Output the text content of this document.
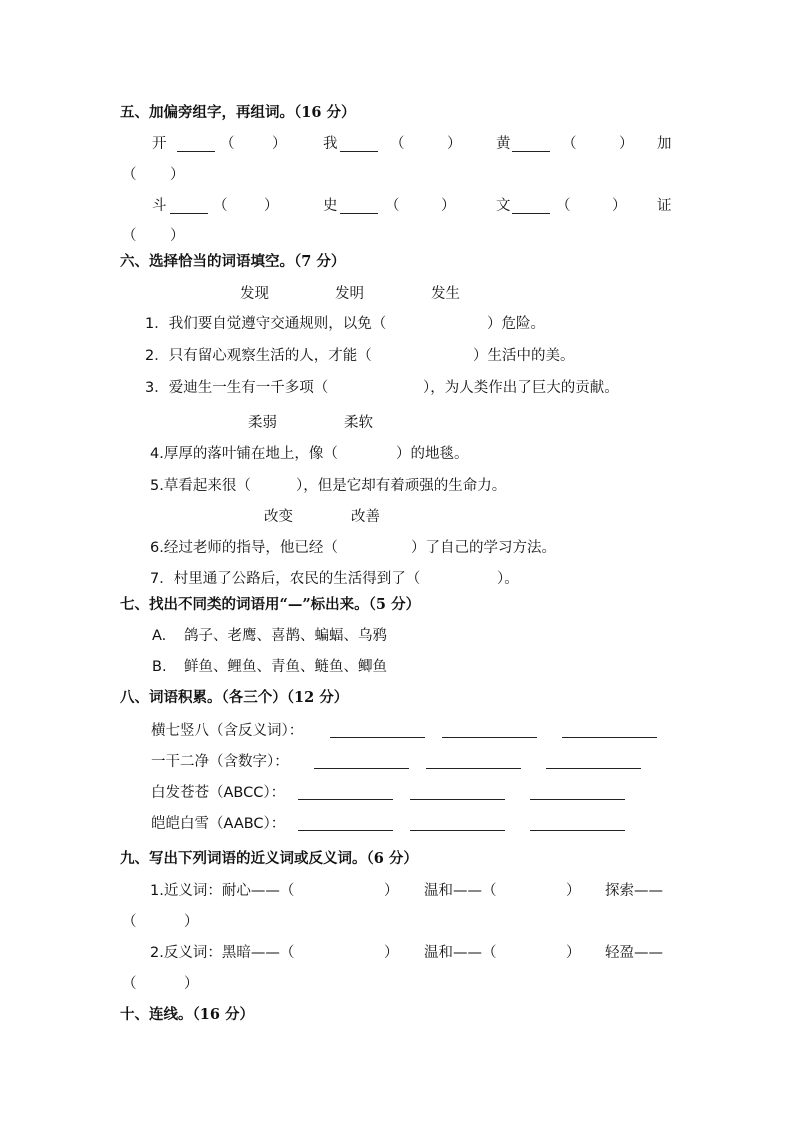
五、加偏旁组字，再组词。（16 分）
开	（	）	我	（	） 黄	（	） 加
（ ）
斗	（	）	史	（	）	文	（	） 证
（ ）
六、选择恰当的词语填空。（7 分）
发现	发明	发生
1．我们要自觉遵守交通规则，以免（	）危险。
2．只有留心观察生活的人，才能（	）生活中的美。
3．爱迪生一生有一千多项（	），为人类作出了巨大的贡献。
柔弱	柔软
4.厚厚的落叶铺在地上，像（	）的地毯。
5.草看起来很（	），但是它却有着顽强的生命力。
改变	改善
6.经过老师的指导，他已经（	）了自己的学习方法。
7．村里通了公路后，农民的生活得到了（	）。
七、找出不同类的词语用“—”标出来。（5 分）
A. 鸽子、老鹰、喜鹊、蝙蝠、乌鸦
B. 鲜鱼、鲤鱼、青鱼、鲢鱼、鲫鱼
八、词语积累。（各三个）（12 分）
横七竖八（含反义词）：
一干二净（含数字）：
白发苍苍（ABCC）：
皑皑白雪（AABC）：
九、写出下列词语的近义词或反义词。（6 分）
1.近义词：耐心——（	） 温和——（	） 探索——
（	）
2.反义词：黑暗——（	） 温和——（	） 轻盈——
（	）
十、连线。（16 分）
